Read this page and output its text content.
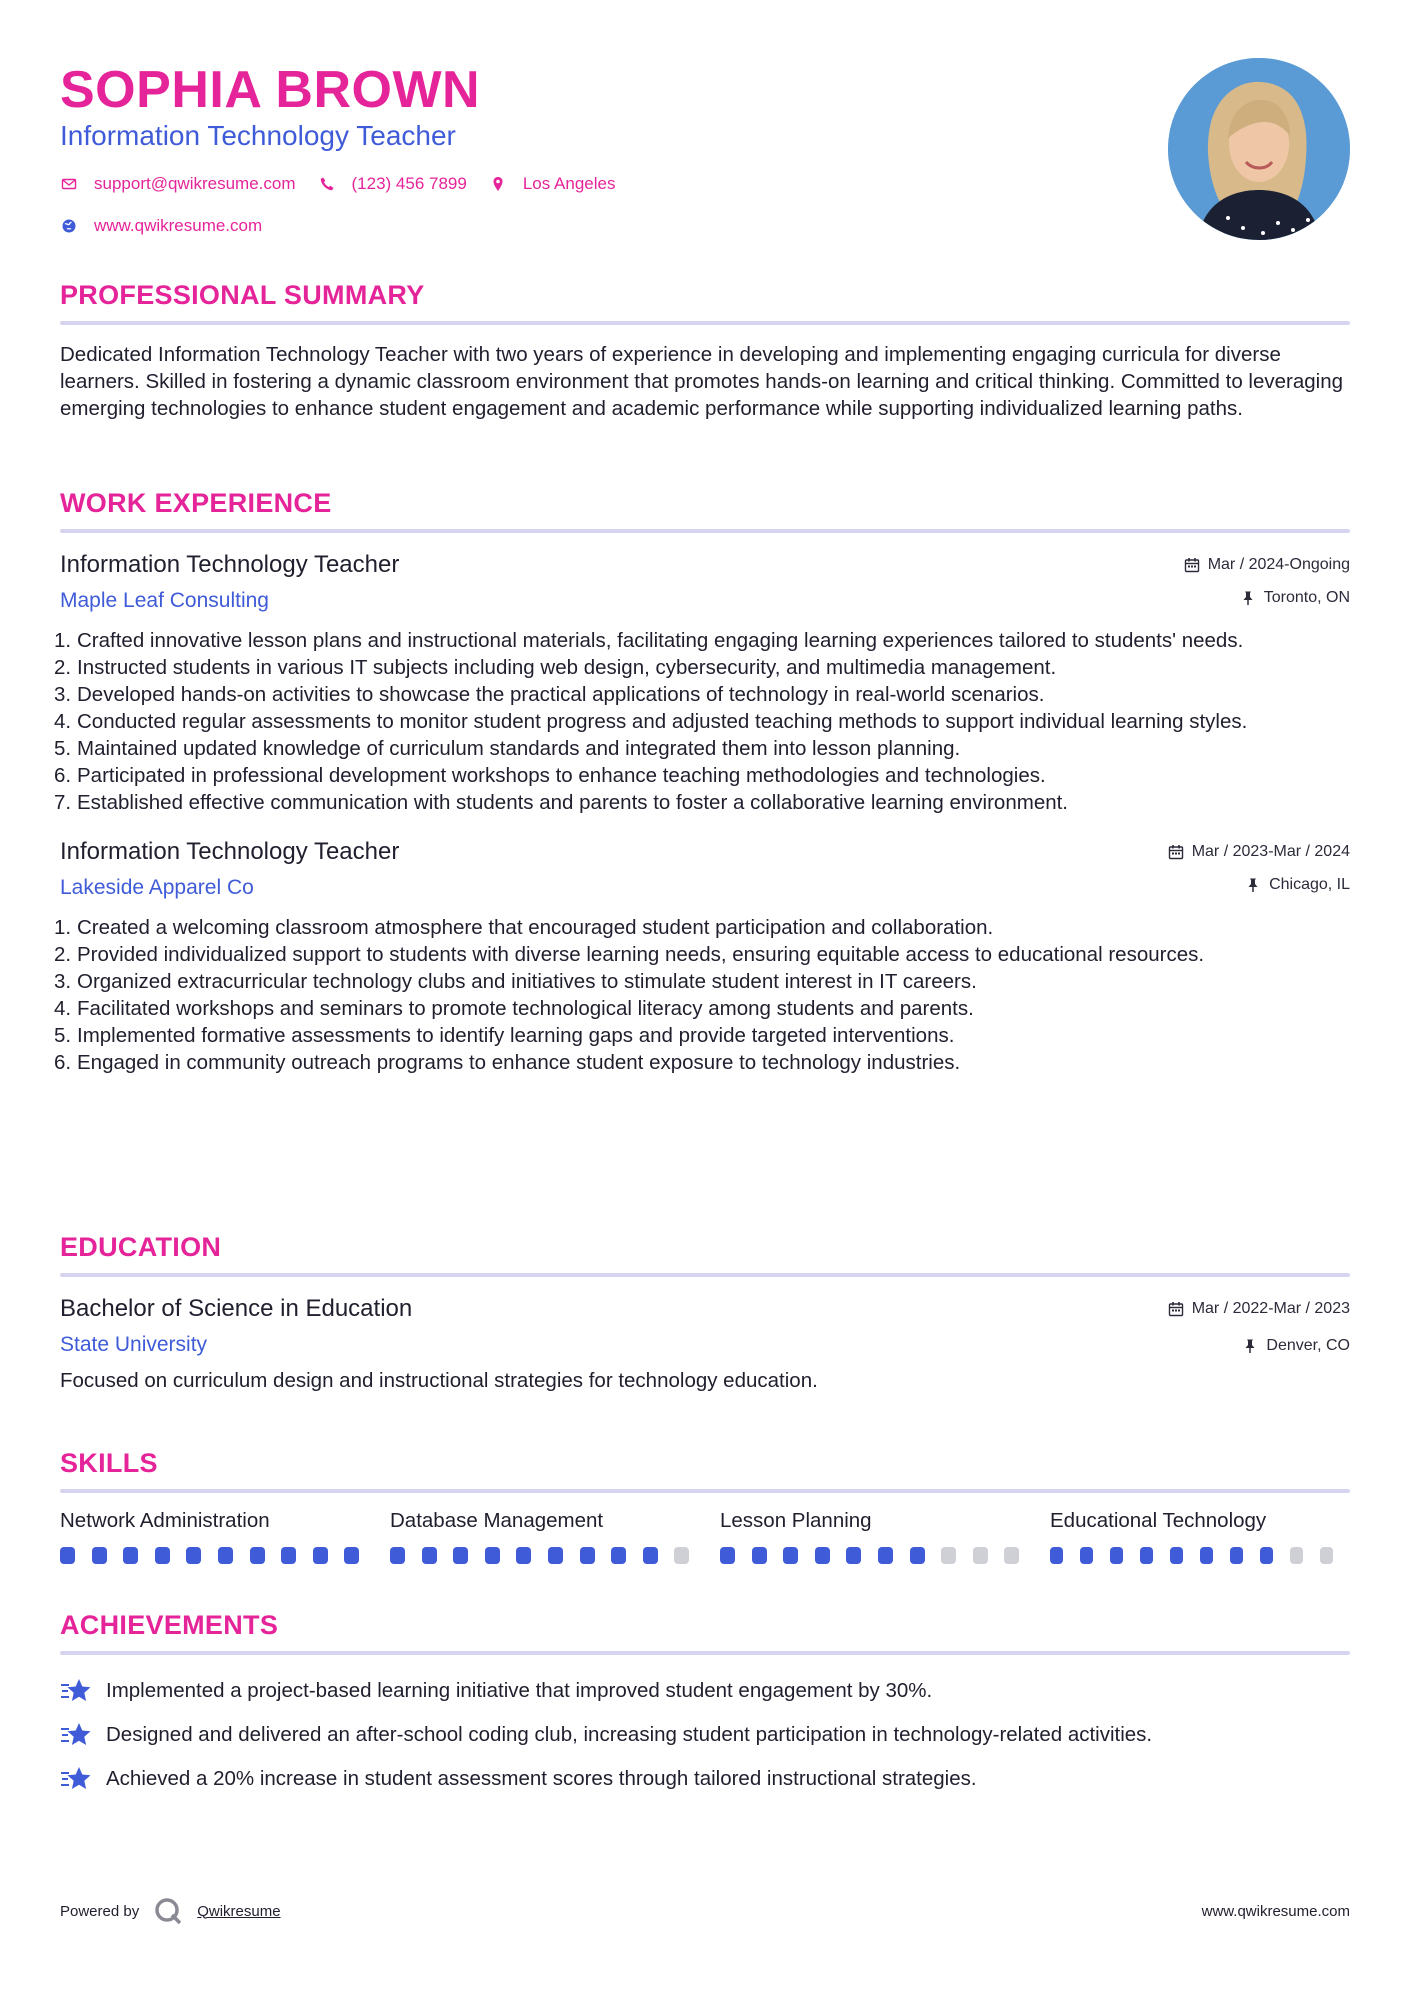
SOPHIA BROWN
Information Technology Teacher
support@qwikresume.com	(123) 456 7899	Los Angeles
www.qwikresume.com
PROFESSIONAL SUMMARY
Dedicated Information Technology Teacher with two years of experience in developing and implementing engaging curricula for diverse learners. Skilled in fostering a dynamic classroom environment that promotes hands-on learning and critical thinking. Committed to leveraging emerging technologies to enhance student engagement and academic performance while supporting individualized learning paths.
WORK EXPERIENCE
Information Technology Teacher
Maple Leaf Consulting
Mar / 2024-Ongoing
Toronto, ON
Crafted innovative lesson plans and instructional materials, facilitating engaging learning experiences tailored to students' needs.
Instructed students in various IT subjects including web design, cybersecurity, and multimedia management.
Developed hands-on activities to showcase the practical applications of technology in real-world scenarios.
Conducted regular assessments to monitor student progress and adjusted teaching methods to support individual learning styles.
Maintained updated knowledge of curriculum standards and integrated them into lesson planning.
Participated in professional development workshops to enhance teaching methodologies and technologies.
Established effective communication with students and parents to foster a collaborative learning environment.
Information Technology Teacher
Lakeside Apparel Co
Mar / 2023-Mar / 2024
Chicago, IL
Created a welcoming classroom atmosphere that encouraged student participation and collaboration.
Provided individualized support to students with diverse learning needs, ensuring equitable access to educational resources.
Organized extracurricular technology clubs and initiatives to stimulate student interest in IT careers.
Facilitated workshops and seminars to promote technological literacy among students and parents.
Implemented formative assessments to identify learning gaps and provide targeted interventions.
Engaged in community outreach programs to enhance student exposure to technology industries.
EDUCATION
Bachelor of Science in Education
State University
Mar / 2022-Mar / 2023
Denver, CO
Focused on curriculum design and instructional strategies for technology education.
SKILLS
Network Administration	Database Management	Lesson Planning	Educational Technology
ACHIEVEMENTS
Implemented a project-based learning initiative that improved student engagement by 30%.
Designed and delivered an after-school coding club, increasing student participation in technology-related activities.
Achieved a 20% increase in student assessment scores through tailored instructional strategies.
Powered by	Qwikresume	www.qwikresume.com
